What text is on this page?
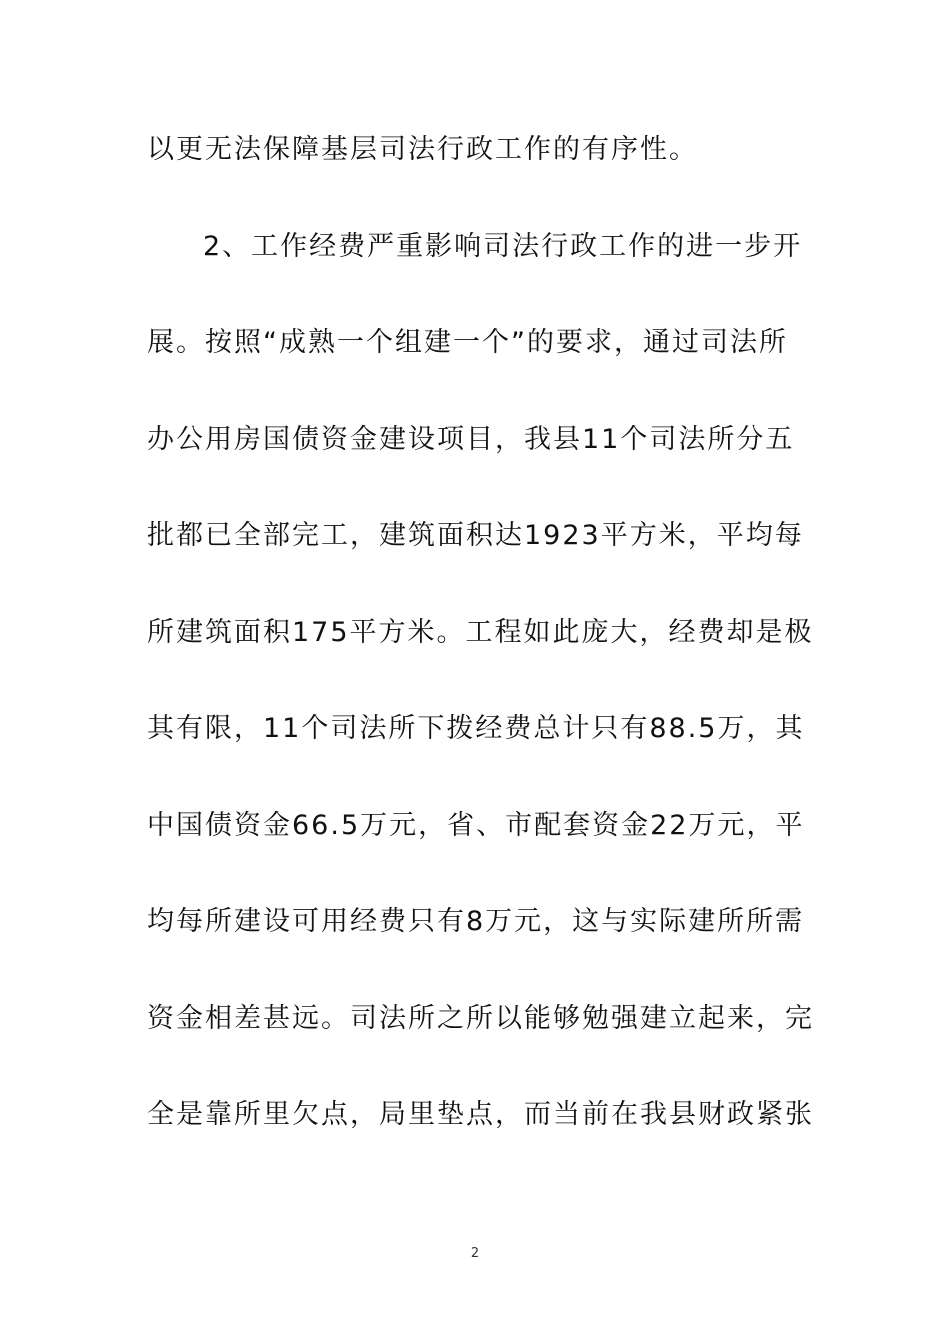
以更无法保障基层司法行政工作的有序性。
2、工作经费严重影响司法行政工作的进一步开
展。按照“成熟一个组建一个”的要求，通过司法所
办公用房国债资金建设项目，我县11个司法所分五
批都已全部完工，建筑面积达1923平方米，平均每
所建筑面积175平方米。工程如此庞大，经费却是极
其有限，11个司法所下拨经费总计只有88.5万，其
中国债资金66.5万元，省、市配套资金22万元，平
均每所建设可用经费只有8万元，这与实际建所所需
资金相差甚远。司法所之所以能够勉强建立起来，完
全是靠所里欠点，局里垫点，而当前在我县财政紧张
2
